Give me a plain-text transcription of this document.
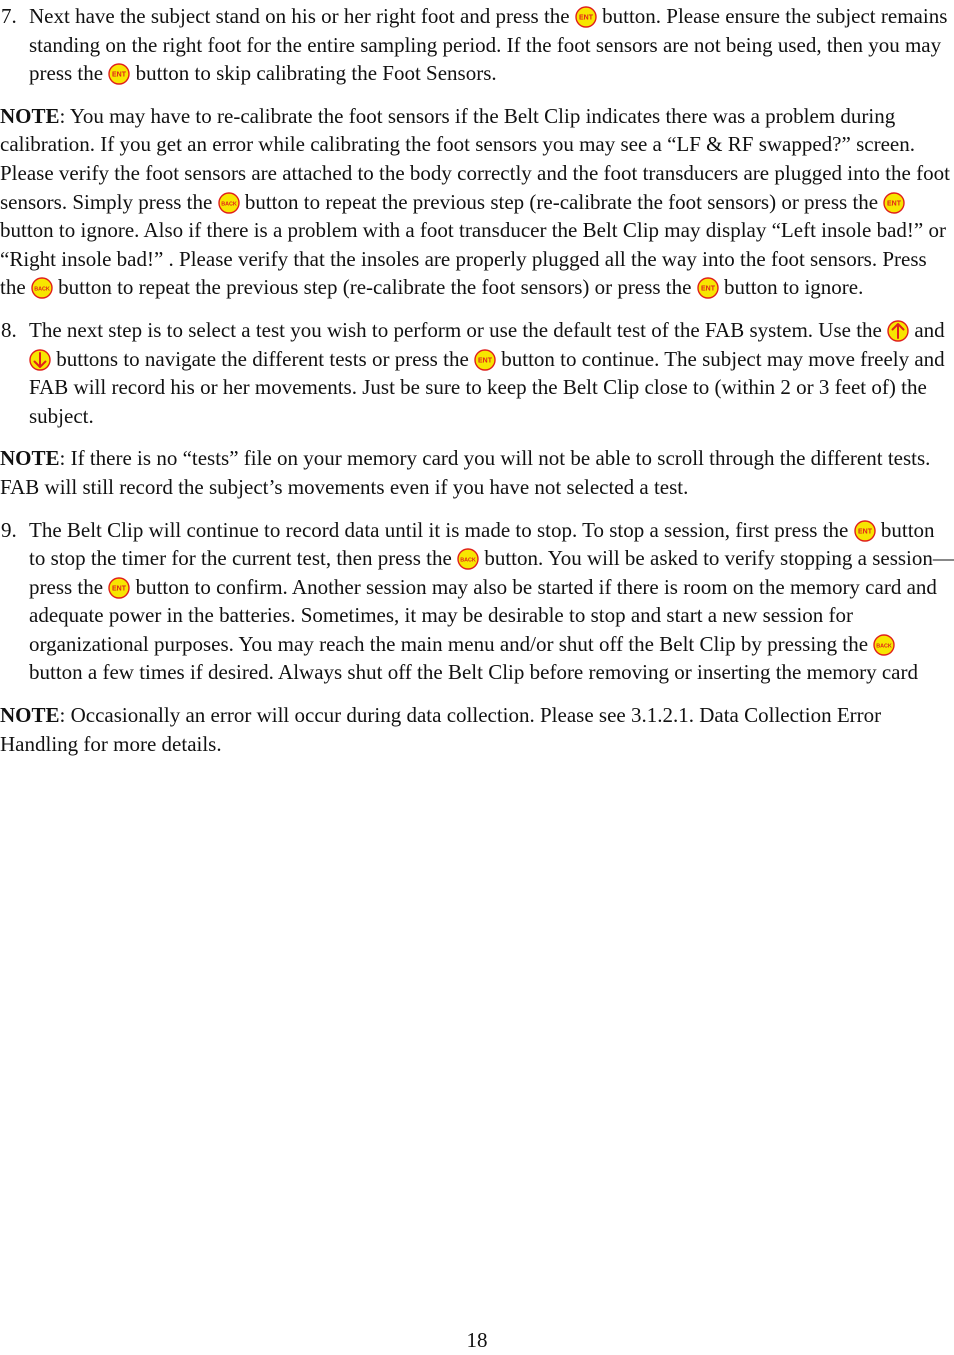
7. Next have the subject stand on his or her right foot and press the ENT button. Please ensure the subject remains standing on the right foot for the entire sampling period. If the foot sensors are not being used, then you may press the ENT button to skip calibrating the Foot Sensors.
NOTE: You may have to re-calibrate the foot sensors if the Belt Clip indicates there was a problem during calibration. If you get an error while calibrating the foot sensors you may see a “LF & RF swapped?” screen. Please verify the foot sensors are attached to the body correctly and the foot transducers are plugged into the foot sensors. Simply press the BACK button to repeat the previous step (re-calibrate the foot sensors) or press the ENT
button to ignore. Also if there is a problem with a foot transducer the Belt Clip may display “Left insole bad!” or “Right insole bad!” . Please verify that the insoles are properly plugged all the way into the foot sensors. Press the BACK button to repeat the previous step (re-calibrate the foot sensors) or press the ENT button to ignore.
8. The next step is to select a test you wish to perform or use the default test of the FAB system. Use the
and
buttons to navigate the different tests or press the ENT button to continue. The subject may move freely and FAB will record his or her movements. Just be sure to keep the Belt Clip close to (within 2 or 3 feet of) the subject.
NOTE: If there is no “tests” file on your memory card you will not be able to scroll through the different tests. FAB will still record the subject’s movements even if you have not selected a test.
9. The Belt Clip will continue to record data until it is made to stop. To stop a session, first press the ENT button to stop the timer for the current test, then press the BACK button. You will be asked to verify stopping a session—press the ENT button to confirm. Another session may also be started if there is room on the memory card and adequate power in the batteries. Sometimes, it may be desirable to stop and start a new session for organizational purposes. You may reach the main menu and/or shut off the Belt Clip by pressing the BACK
button a few times if desired. Always shut off the Belt Clip before removing or inserting the memory card
NOTE: Occasionally an error will occur during data collection. Please see 3.1.2.1. Data Collection Error Handling for more details.
18
